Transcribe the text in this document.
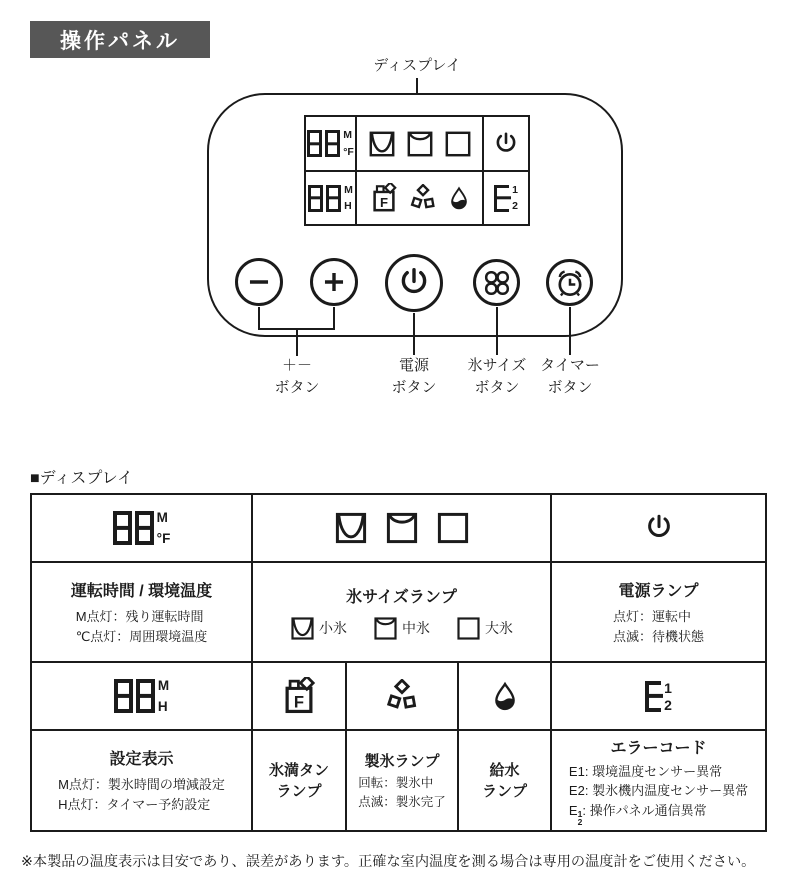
操作パネル
ディスプレイ
M
°F
M
H
1
2
＋－
ボタン
電源
ボタン
氷サイズ
ボタン
タイマー
ボタン
■ディスプレイ
M
°F
運転時間 / 環境温度
M点灯：残り運転時間
℃点灯：周囲環境温度
氷サイズランプ
小氷	中氷	大氷
電源ランプ
点灯：運転中
点滅：待機状態
M
H
1
2
設定表示
M点灯：製氷時間の増減設定
H点灯：タイマー予約設定
氷満タン
ランプ
製氷ランプ
回転：製氷中
点滅：製氷完了
給水
ランプ
エラーコード
E1: 環境温度センサー異常
E2: 製氷機内温度センサー異常
E 1
2
: 操作パネル通信異常
※本製品の温度表示は目安であり、誤差があります。正確な室内温度を測る場合は専用の温度計をご使用ください。
